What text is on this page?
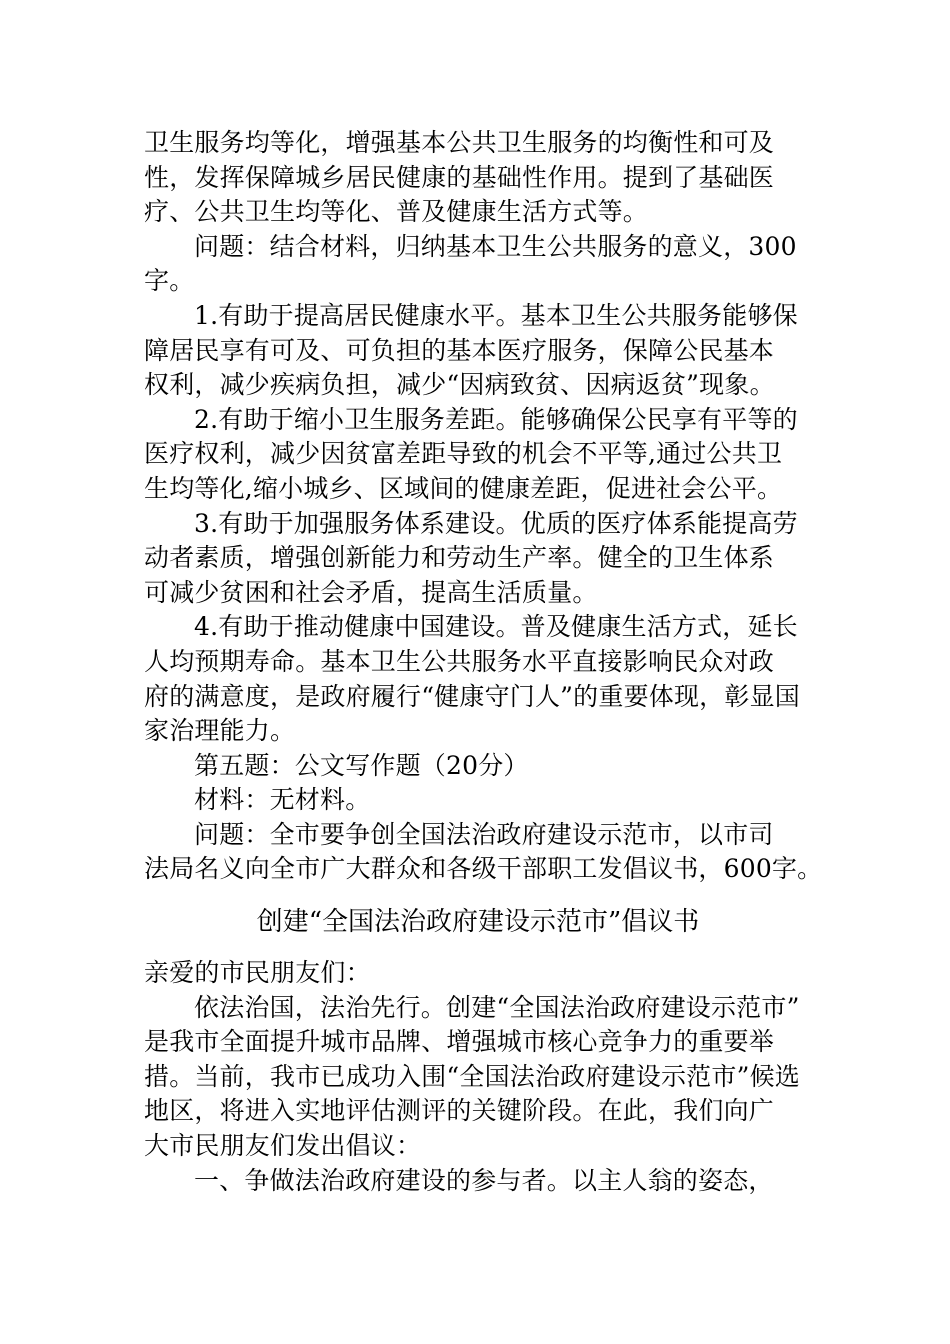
卫生服务均等化，增强基本公共卫生服务的均衡性和可及
性，发挥保障城乡居民健康的基础性作用。提到了基础医
疗、公共卫生均等化、普及健康生活方式等。
问题：结合材料，归纳基本卫生公共服务的意义，300
字。
1.有助于提高居民健康水平。基本卫生公共服务能够保
障居民享有可及、可负担的基本医疗服务，保障公民基本
权利，减少疾病负担，减少“因病致贫、因病返贫”现象。
2.有助于缩小卫生服务差距。能够确保公民享有平等的
医疗权利，减少因贫富差距导致的机会不平等,通过公共卫
生均等化,缩小城乡、区域间的健康差距，促进社会公平。
3.有助于加强服务体系建设。优质的医疗体系能提高劳
动者素质，增强创新能力和劳动生产率。健全的卫生体系
可减少贫困和社会矛盾，提高生活质量。
4.有助于推动健康中国建设。普及健康生活方式，延长
人均预期寿命。基本卫生公共服务水平直接影响民众对政
府的满意度，是政府履行“健康守门人”的重要体现，彰显国
家治理能力。
第五题：公文写作题（20分）
材料：无材料。
问题：全市要争创全国法治政府建设示范市，以市司
法局名义向全市广大群众和各级干部职工发倡议书，600字。
创建“全国法治政府建设示范市”倡议书
亲爱的市民朋友们：
依法治国，法治先行。创建“全国法治政府建设示范市”
是我市全面提升城市品牌、增强城市核心竞争力的重要举
措。当前，我市已成功入围“全国法治政府建设示范市”候选
地区，将进入实地评估测评的关键阶段。在此，我们向广
大市民朋友们发出倡议：
一、争做法治政府建设的参与者。以主人翁的姿态，
